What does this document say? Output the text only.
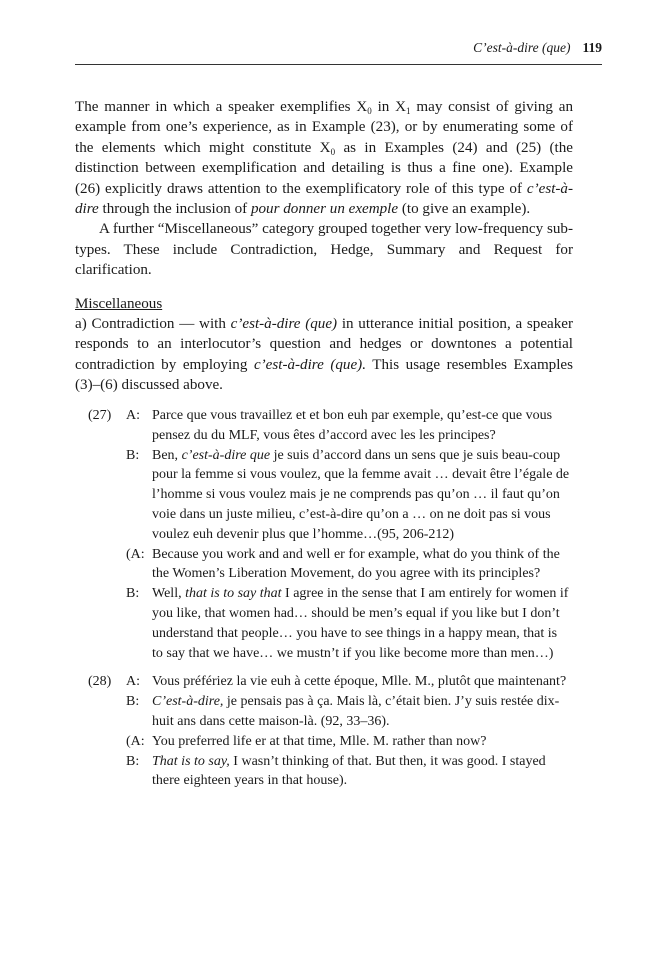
C’est-à-dire (que) 119

The manner in which a speaker exemplifies $X_0$ in $X_1$ may consist of giving an example from one’s experience, as in Example (23), or by enumerating some of the elements which might constitute $X_0$ as in Examples (24) and (25) (the distinction between exemplification and detailing is thus a fine one). Example (26) explicitly draws attention to the exemplificatory role of this type of c’est-à-dire through the inclusion of pour donner un exemple (to give an example).

A further “Miscellaneous” category grouped together very low-frequency sub-types. These include Contradiction, Hedge, Summary and Request for clarification.

Miscellaneous

a) Contradiction — with c’est-à-dire (que) in utterance initial position, a speaker responds to an interlocutor’s question and hedges or downtones a potential contradiction by employing c’est-à-dire (que). This usage resembles Examples (3)–(6) discussed above.

(27) A: Parce que vous travaillez et et bon euh par exemple, qu’est-ce que vous pensez du du MLF, vous êtes d’accord avec les les principes?
B: Ben, c’est-à-dire que je suis d’accord dans un sens que je suis beau-coup pour la femme si vous voulez, que la femme avait … devait être l’égale de l’homme si vous voulez mais je ne comprends pas qu’on … il faut qu’on voie dans un juste milieu, c’est-à-dire qu’on a … on ne doit pas si vous voulez euh devenir plus que l’homme…(95, 206-212)
(A: Because you work and and well er for example, what do you think of the the Women’s Liberation Movement, do you agree with its principles?
B: Well, that is to say that I agree in the sense that I am entirely for women if you like, that women had… should be men’s equal if you like but I don’t understand that people… you have to see things in a happy mean, that is to say that we have… we mustn’t if you like become more than men…)
(28) A: Vous préfériez la vie euh à cette époque, Mlle. M., plutôt que maintenant?
B: C’est-à-dire, je pensais pas à ça. Mais là, c’était bien. J’y suis restée dix-huit ans dans cette maison-là. (92, 33–36).
(A: You preferred life er at that time, Mlle. M. rather than now?
B: That is to say, I wasn’t thinking of that. But then, it was good. I stayed there eighteen years in that house).
